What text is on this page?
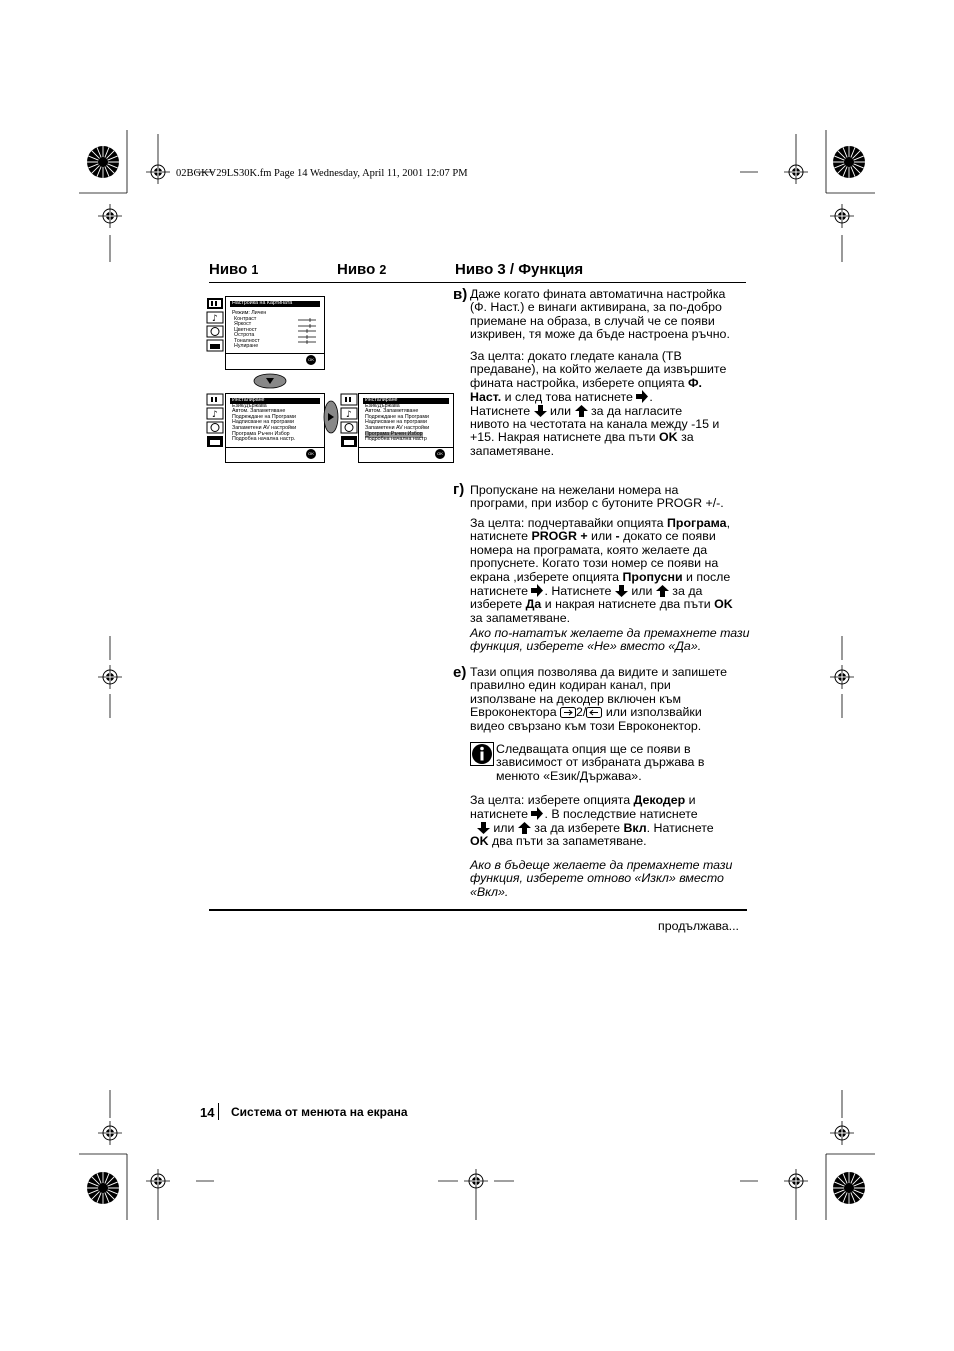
02BGKV29LS30K.fm Page 14 Wednesday, April 11, 2001 12:07 PM
Ниво 1	Ниво 2	Ниво 3 / Функция
♪
Настройка на Картината
Режим: Личен
Контраст
Яркост
Цветност
Острота
Тоналност
Нулиране
OK
♪
Инсталиране
Език/Държава
Автом. Запаметяване
Подреждане на Програми
Надписване на програми
Запаметени AV настройки
Програма Ръчен Избор
Подробна начална настр.
OK
♪
Инсталиране
Език/Държава
Автом. Запаметяване
Подреждане на Програми
Надписване на програми
Запаметени AV настройки
Програма Ръчен Избор
Подробна начална настр
OK
в) Даже когато фината автоматична настройка
(Ф. Наст.) е винаги активирана, за по-добро
приемане на образа, в случай че се появи
изкривен, тя може да бъде настроена ръчно.
За целта: докато гледате канала (ТВ
предаване), на който желаете да извършите
фината настройка, изберете опцията Ф.
Наст. и след това натиснете .
Натиснете  или  за да нагласите
нивото на честотата на канала между -15 и
+15. Накрая натиснете два пъти OK за
запаметяване.
г) Пропускане на нежелани номера на
програми, при избор с бутоните PROGR +/-.
За целта: подчертавайки опцията Програма,
натиснете PROGR + или - докато се появи
номера на програмата, която желаете да
пропуснете. Когато този номер се появи на
екрана ,изберете опцията Пропусни и после
натиснете . Натиснете  или  за да
изберете Да и накрая натиснете два пъти OK
за запаметяване.
Ако по-нататък желаете да премахнете тази
функция, изберете «Не» вместо «Да».
е) Тази опция позволява да видите и запишете
правилно един кодиран канал, при
използване на декодер включен към
Евроконектора 2/ или използвайки
видео свързано към този Евроконектор.
Следващата опция ще се появи в
зависимост от избраната държава в
менюто «Език/Държава».
За целта: изберете опцията Декодер и
натиснете . В последствие натиснете
или  за да изберете Вкл. Натиснете
OK два пъти за запаметяване.
Ако в бъдеще желаете да премахнете тази
функция, изберете отново «Изкл» вместо
«Вкл».
продължава...
14 Система от менюта на екрана
